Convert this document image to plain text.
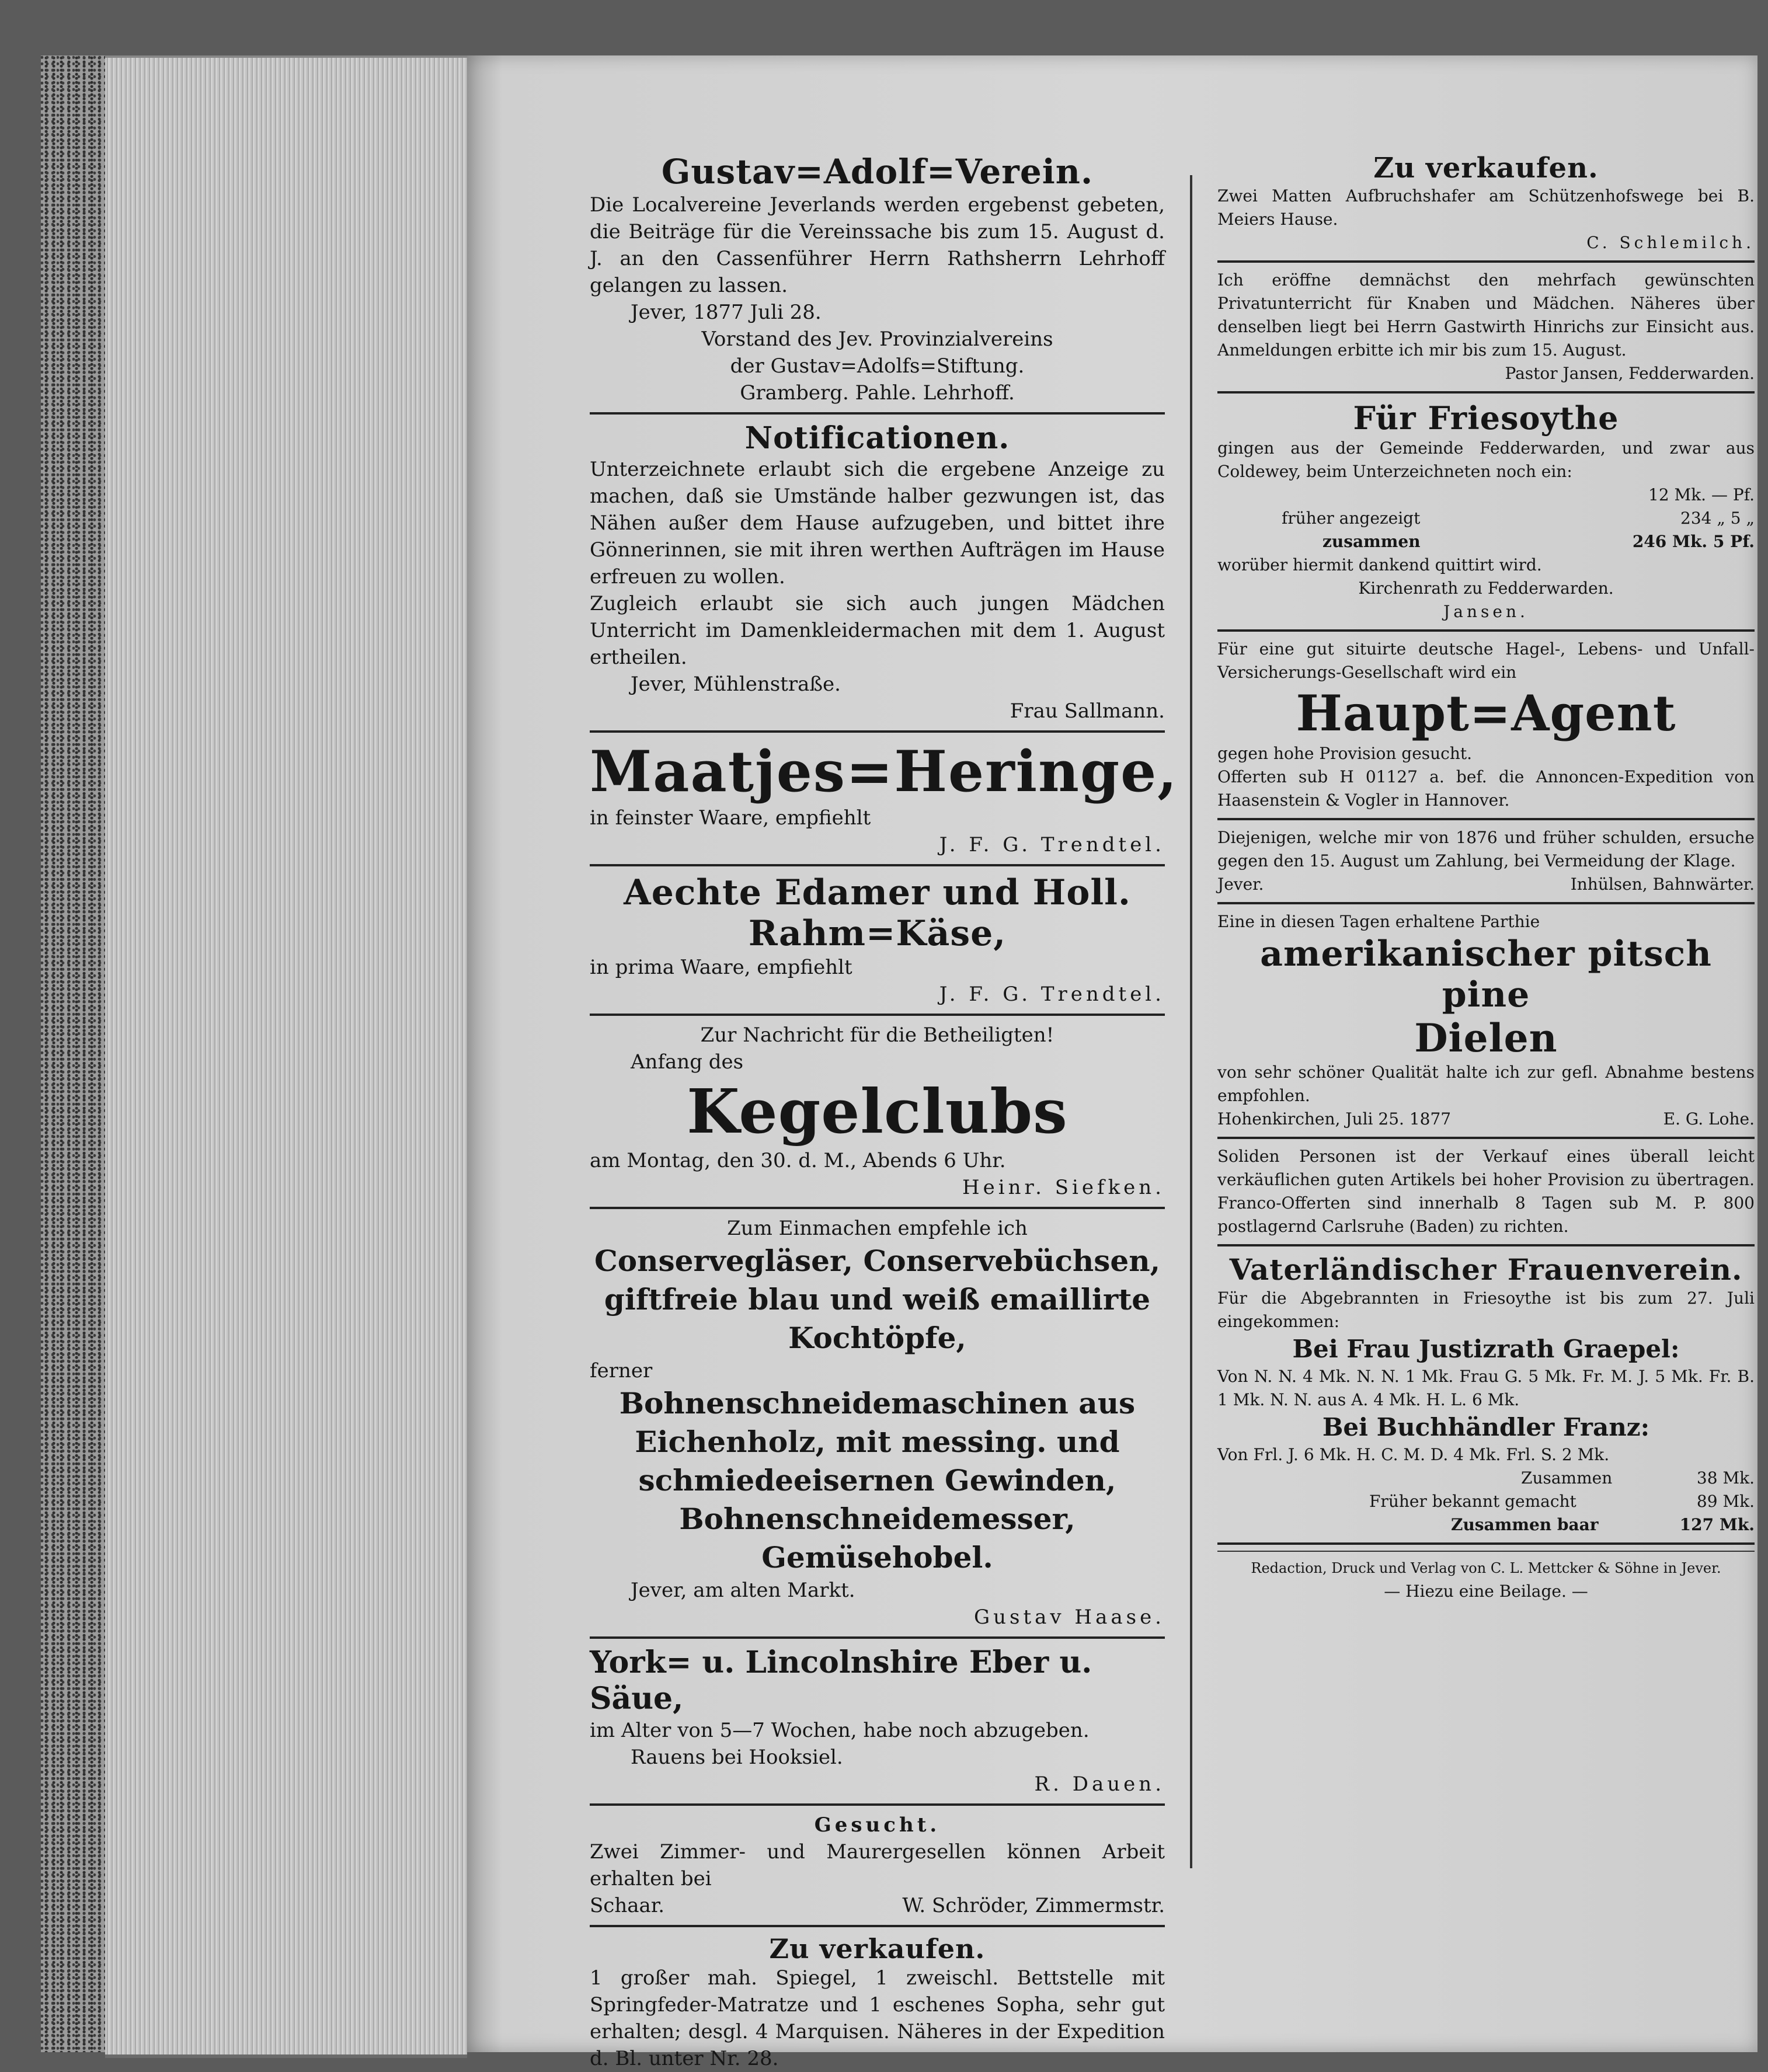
Gustav=Adolf=Verein.

Die Localvereine Jeverlands werden ergebenst gebeten, die Beiträge für die Vereinssache bis zum 15. August d. J. an den Cassenführer Herrn Rathsherrn Lehrhoff gelangen zu lassen.

Jever, 1877 Juli 28.

Vorstand des Jev. Provinzialvereins

der Gustav=Adolfs=Stiftung.

Gramberg. Pahle. Lehrhoff.

Notificationen.

Unterzeichnete erlaubt sich die ergebene Anzeige zu machen, daß sie Umstände halber gezwungen ist, das Nähen außer dem Hause aufzugeben, und bittet ihre Gönnerinnen, sie mit ihren werthen Aufträgen im Hause erfreuen zu wollen.

Zugleich erlaubt sie sich auch jungen Mädchen Unterricht im Damenkleidermachen mit dem 1. August ertheilen.

Jever, Mühlenstraße.

Frau Sallmann.

Maatjes=Heringe,

in feinster Waare, empfiehlt

J. F. G. Trendtel.

Aechte Edamer und Holl.
Rahm=Käse,

in prima Waare, empfiehlt

J. F. G. Trendtel.

Zur Nachricht für die Betheiligten!

Anfang des

Kegelclubs

am Montag, den 30. d. M., Abends 6 Uhr.

Heinr. Siefken.

Zum Einmachen empfehle ich

Conservegläser, Conservebüchsen, giftfreie blau und weiß emaillirte Kochtöpfe,

ferner

Bohnenschneidemaschinen aus Eichenholz, mit messing. und schmiedeeisernen Gewinden, Bohnenschneidemesser, Gemüsehobel.

Jever, am alten Markt.

Gustav Haase.

York= u. Lincolnshire Eber u. Säue,

im Alter von 5—7 Wochen, habe noch abzugeben.

Rauens bei Hooksiel.

R. Dauen.

Gesucht.

Zwei Zimmer- und Maurergesellen können Arbeit erhalten bei

Schaar.	W. Schröder, Zimmermstr.
Zu verkaufen.

1 großer mah. Spiegel, 1 zweischl. Bettstelle mit Springfeder-Matratze und 1 eschenes Sopha, sehr gut erhalten; desgl. 4 Marquisen. Näheres in der Expedition d. Bl. unter Nr. 28.

Zu verkaufen.

Zwei Matten Aufbruchshafer am Schützenhofswege bei B. Meiers Hause.

C. Schlemilch.

Ich eröffne demnächst den mehrfach gewünschten Privatunterricht für Knaben und Mädchen. Näheres über denselben liegt bei Herrn Gastwirth Hinrichs zur Einsicht aus. Anmeldungen erbitte ich mir bis zum 15. August.

Pastor Jansen, Fedderwarden.

Für Friesoythe

gingen aus der Gemeinde Fedderwarden, und zwar aus Coldewey, beim Unterzeichneten noch ein:

12 Mk. — Pf.

früher angezeigt	234 „ 5 „
zusammen	246 Mk. 5 Pf.

worüber hiermit dankend quittirt wird.

Kirchenrath zu Fedderwarden.

Jansen.

Für eine gut situirte deutsche Hagel-, Lebens- und Unfall-Versicherungs-Gesellschaft wird ein

Haupt=Agent

gegen hohe Provision gesucht.

Offerten sub H 01127 a. bef. die Annoncen-Expedition von Haasenstein & Vogler in Hannover.

Diejenigen, welche mir von 1876 und früher schulden, ersuche gegen den 15. August um Zahlung, bei Vermeidung der Klage.

Jever.	Inhülsen, Bahnwärter.

Eine in diesen Tagen erhaltene Parthie

amerikanischer pitsch pine
Dielen

von sehr schöner Qualität halte ich zur gefl. Abnahme bestens empfohlen.

Hohenkirchen, Juli 25. 1877	E. G. Lohe.

Soliden Personen ist der Verkauf eines überall leicht verkäuflichen guten Artikels bei hoher Provision zu übertragen. Franco-Offerten sind innerhalb 8 Tagen sub M. P. 800 postlagernd Carlsruhe (Baden) zu richten.

Vaterländischer Frauenverein.

Für die Abgebrannten in Friesoythe ist bis zum 27. Juli eingekommen:

Bei Frau Justizrath Graepel:

Von N. N. 4 Mk. N. N. 1 Mk. Frau G. 5 Mk. Fr. M. J. 5 Mk. Fr. B. 1 Mk. N. N. aus A. 4 Mk. H. L. 6 Mk.

Bei Buchhändler Franz:

Von Frl. J. 6 Mk. H. C. M. D. 4 Mk. Frl. S. 2 Mk.

Zusammen	38 Mk.
Früher bekannt gemacht	89 Mk.
Zusammen baar	127 Mk.

Redaction, Druck und Verlag von C. L. Mettcker & Söhne in Jever.

— Hiezu eine Beilage. —
